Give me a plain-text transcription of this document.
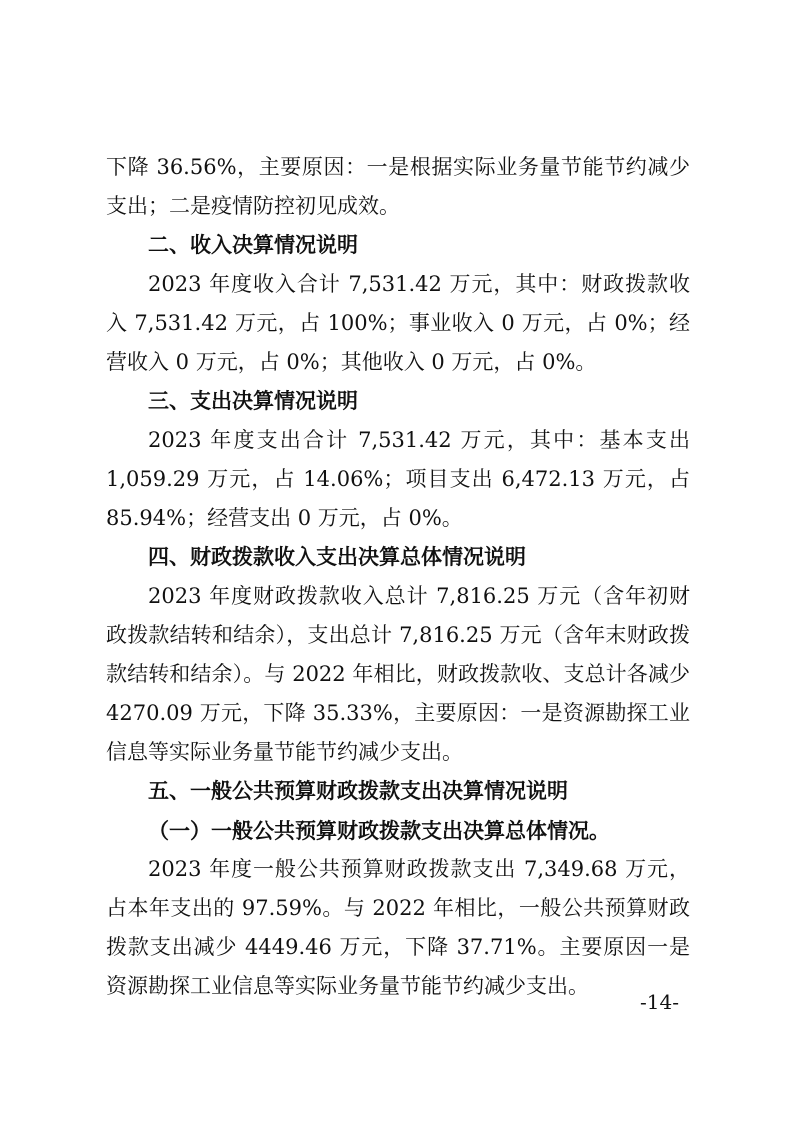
下降 36.56%，主要原因：一是根据实际业务量节能节约减少支出；二是疫情防控初见成效。

二、收入决算情况说明

2023 年度收入合计 7,531.42 万元，其中：财政拨款收入 7,531.42 万元，占 100%；事业收入 0 万元，占 0%；经营收入 0 万元，占 0%；其他收入 0 万元，占 0%。

三、支出决算情况说明

2023 年度支出合计 7,531.42 万元，其中：基本支出 1,059.29 万元，占 14.06%；项目支出 6,472.13 万元，占 85.94%；经营支出 0 万元，占 0%。

四、财政拨款收入支出决算总体情况说明

2023 年度财政拨款收入总计 7,816.25 万元（含年初财政拨款结转和结余），支出总计 7,816.25 万元（含年末财政拨款结转和结余）。与 2022 年相比，财政拨款收、支总计各减少 4270.09 万元，下降 35.33%，主要原因：一是资源勘探工业信息等实际业务量节能节约减少支出。

五、一般公共预算财政拨款支出决算情况说明

（一）一般公共预算财政拨款支出决算总体情况。

2023 年度一般公共预算财政拨款支出 7,349.68 万元，占本年支出的 97.59%。与 2022 年相比，一般公共预算财政拨款支出减少 4449.46 万元，下降 37.71%。主要原因一是资源勘探工业信息等实际业务量节能节约减少支出。

-14-
